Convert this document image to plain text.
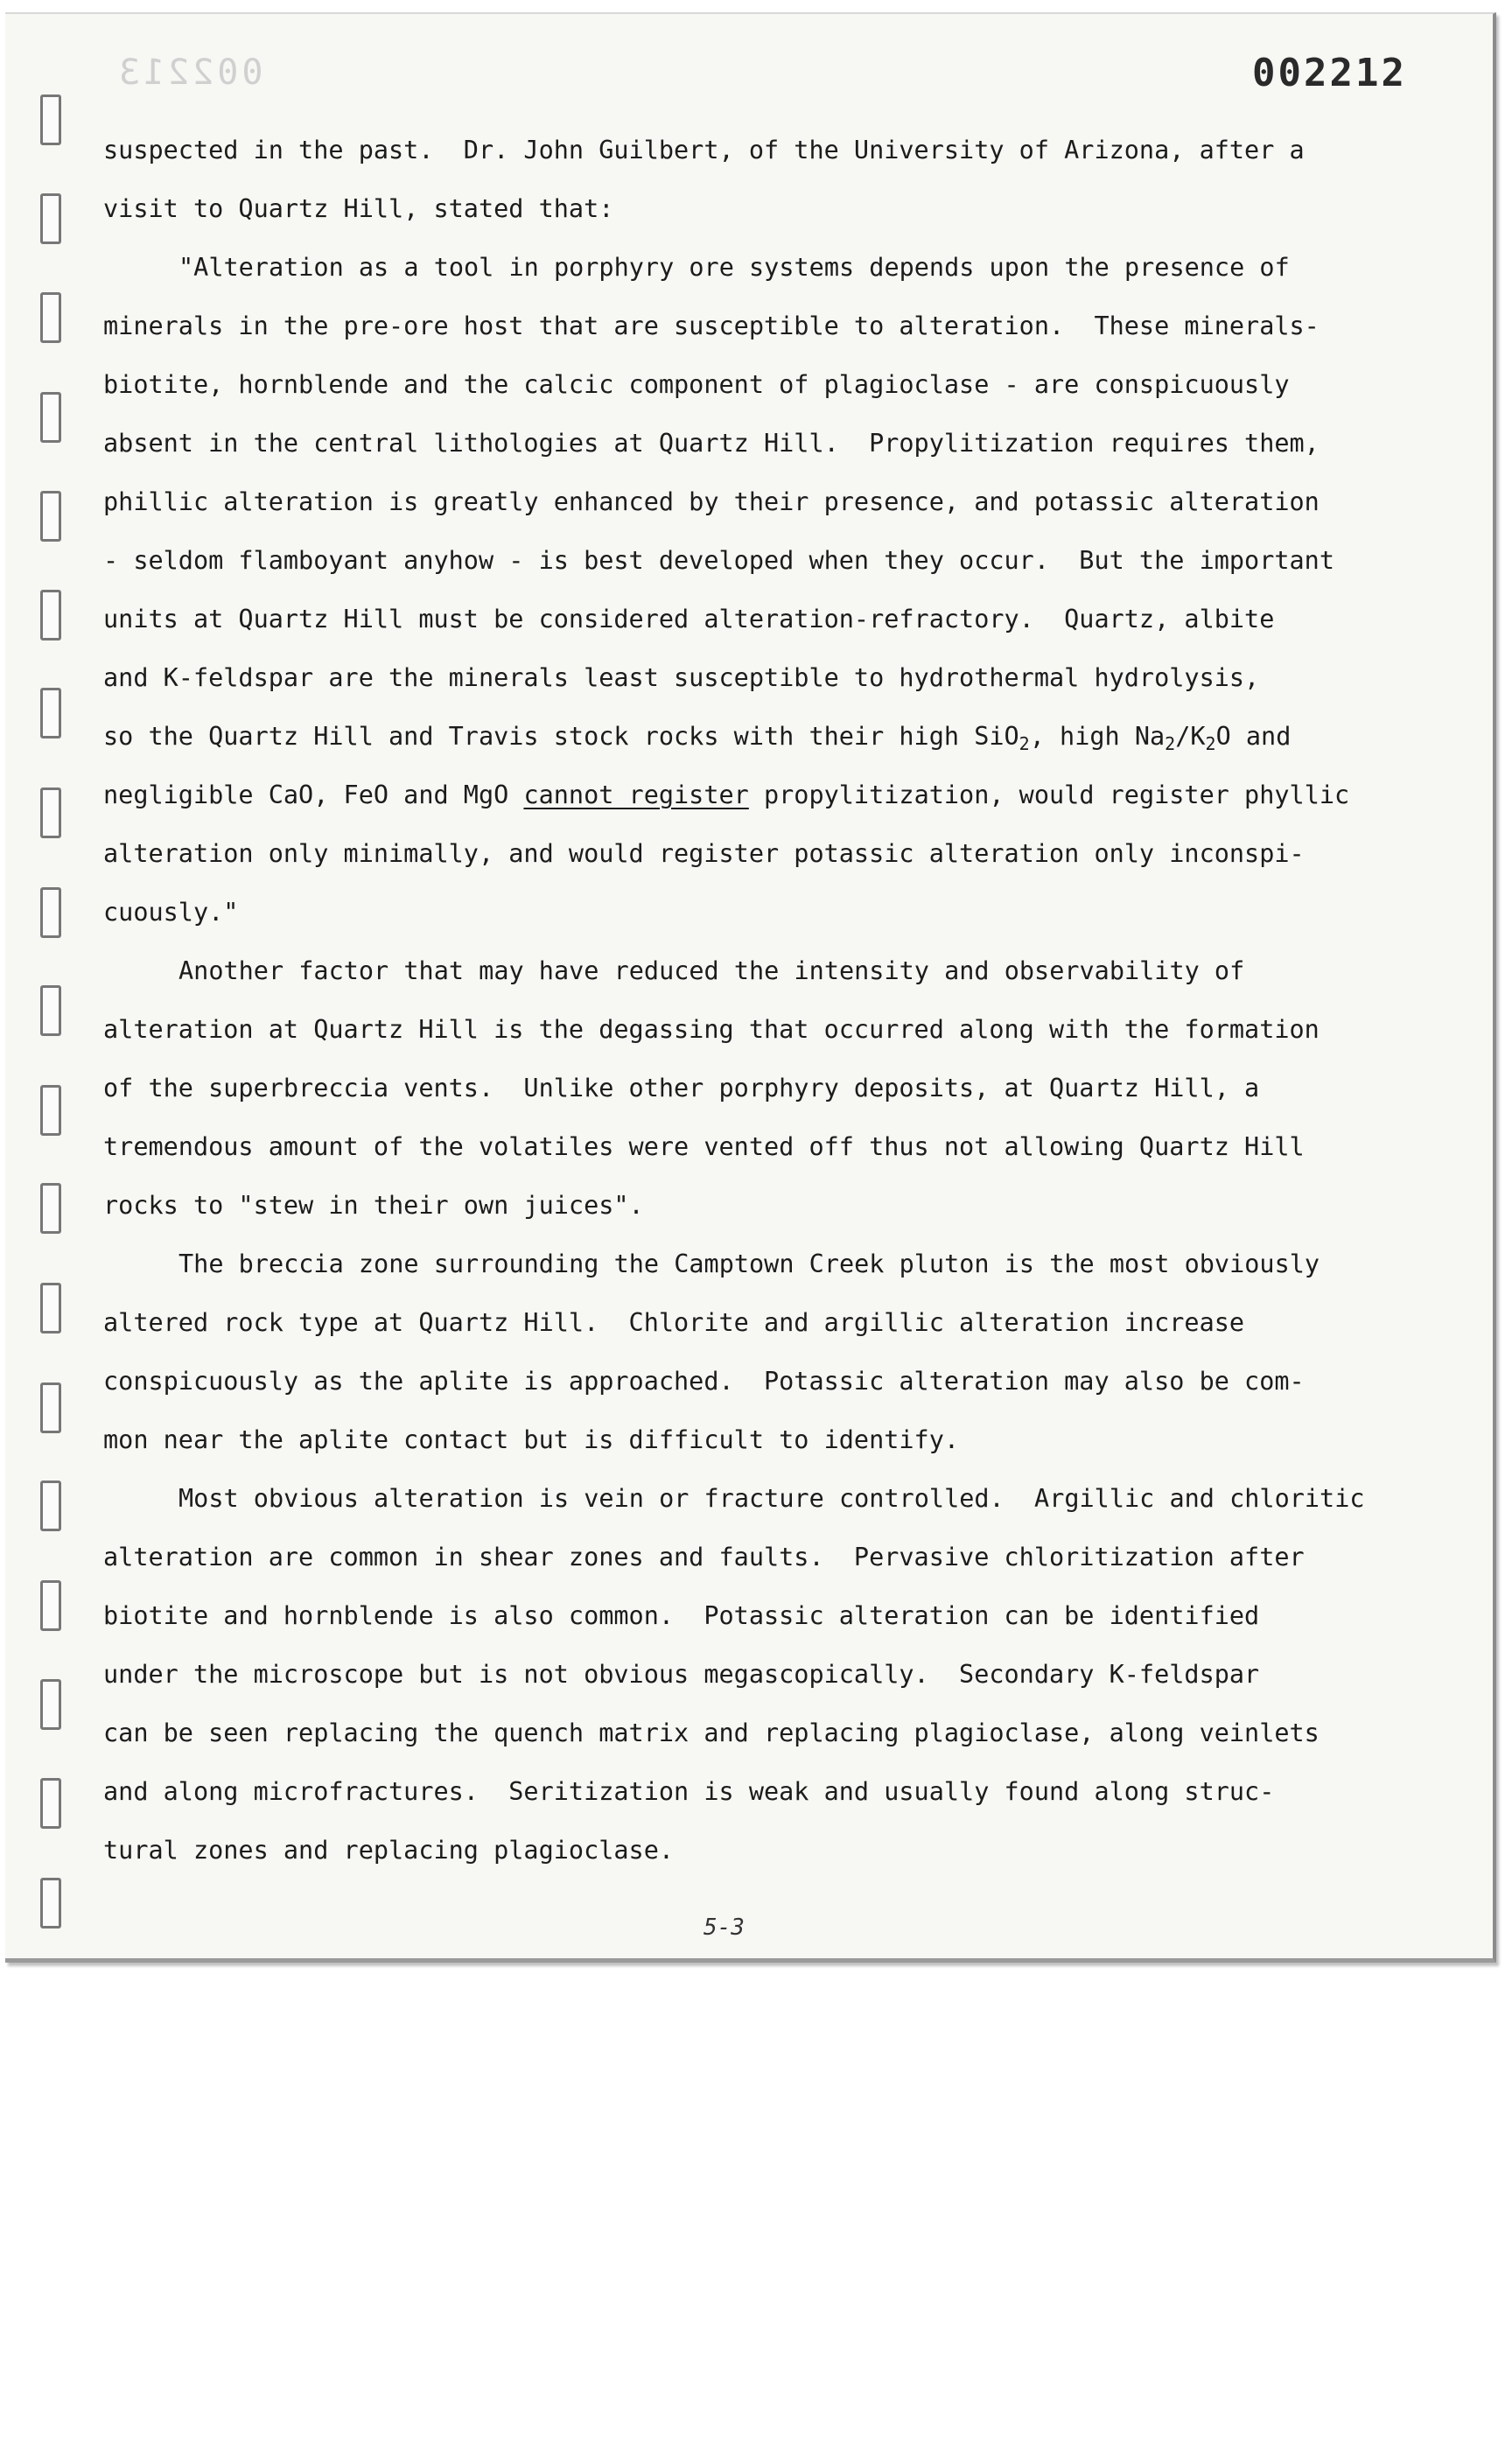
002213	002212
suspected in the past.  Dr. John Guilbert, of the University of Arizona, after a
visit to Quartz Hill, stated that:
"Alteration as a tool in porphyry ore systems depends upon the presence of
minerals in the pre-ore host that are susceptible to alteration.  These minerals-
biotite, hornblende and the calcic component of plagioclase - are conspicuously
absent in the central lithologies at Quartz Hill.  Propylitization requires them,
phillic alteration is greatly enhanced by their presence, and potassic alteration
- seldom flamboyant anyhow - is best developed when they occur.  But the important
units at Quartz Hill must be considered alteration-refractory.  Quartz, albite
and K-feldspar are the minerals least susceptible to hydrothermal hydrolysis,
so the Quartz Hill and Travis stock rocks with their high SiO$_2$, high $Na_2/K_2O$ and
negligible CaO, FeO and MgO cannot register propylitization, would register phyllic
alteration only minimally, and would register potassic alteration only inconspi-
cuously."
Another factor that may have reduced the intensity and observability of
alteration at Quartz Hill is the degassing that occurred along with the formation
of the superbreccia vents.  Unlike other porphyry deposits, at Quartz Hill, a
tremendous amount of the volatiles were vented off thus not allowing Quartz Hill
rocks to "stew in their own juices".
The breccia zone surrounding the Camptown Creek pluton is the most obviously
altered rock type at Quartz Hill.  Chlorite and argillic alteration increase
conspicuously as the aplite is approached.  Potassic alteration may also be com-
mon near the aplite contact but is difficult to identify.
Most obvious alteration is vein or fracture controlled.  Argillic and chloritic
alteration are common in shear zones and faults.  Pervasive chloritization after
biotite and hornblende is also common.  Potassic alteration can be identified
under the microscope but is not obvious megascopically.  Secondary K-feldspar
can be seen replacing the quench matrix and replacing plagioclase, along veinlets
and along microfractures.  Seritization is weak and usually found along struc-
tural zones and replacing plagioclase.
5-3
